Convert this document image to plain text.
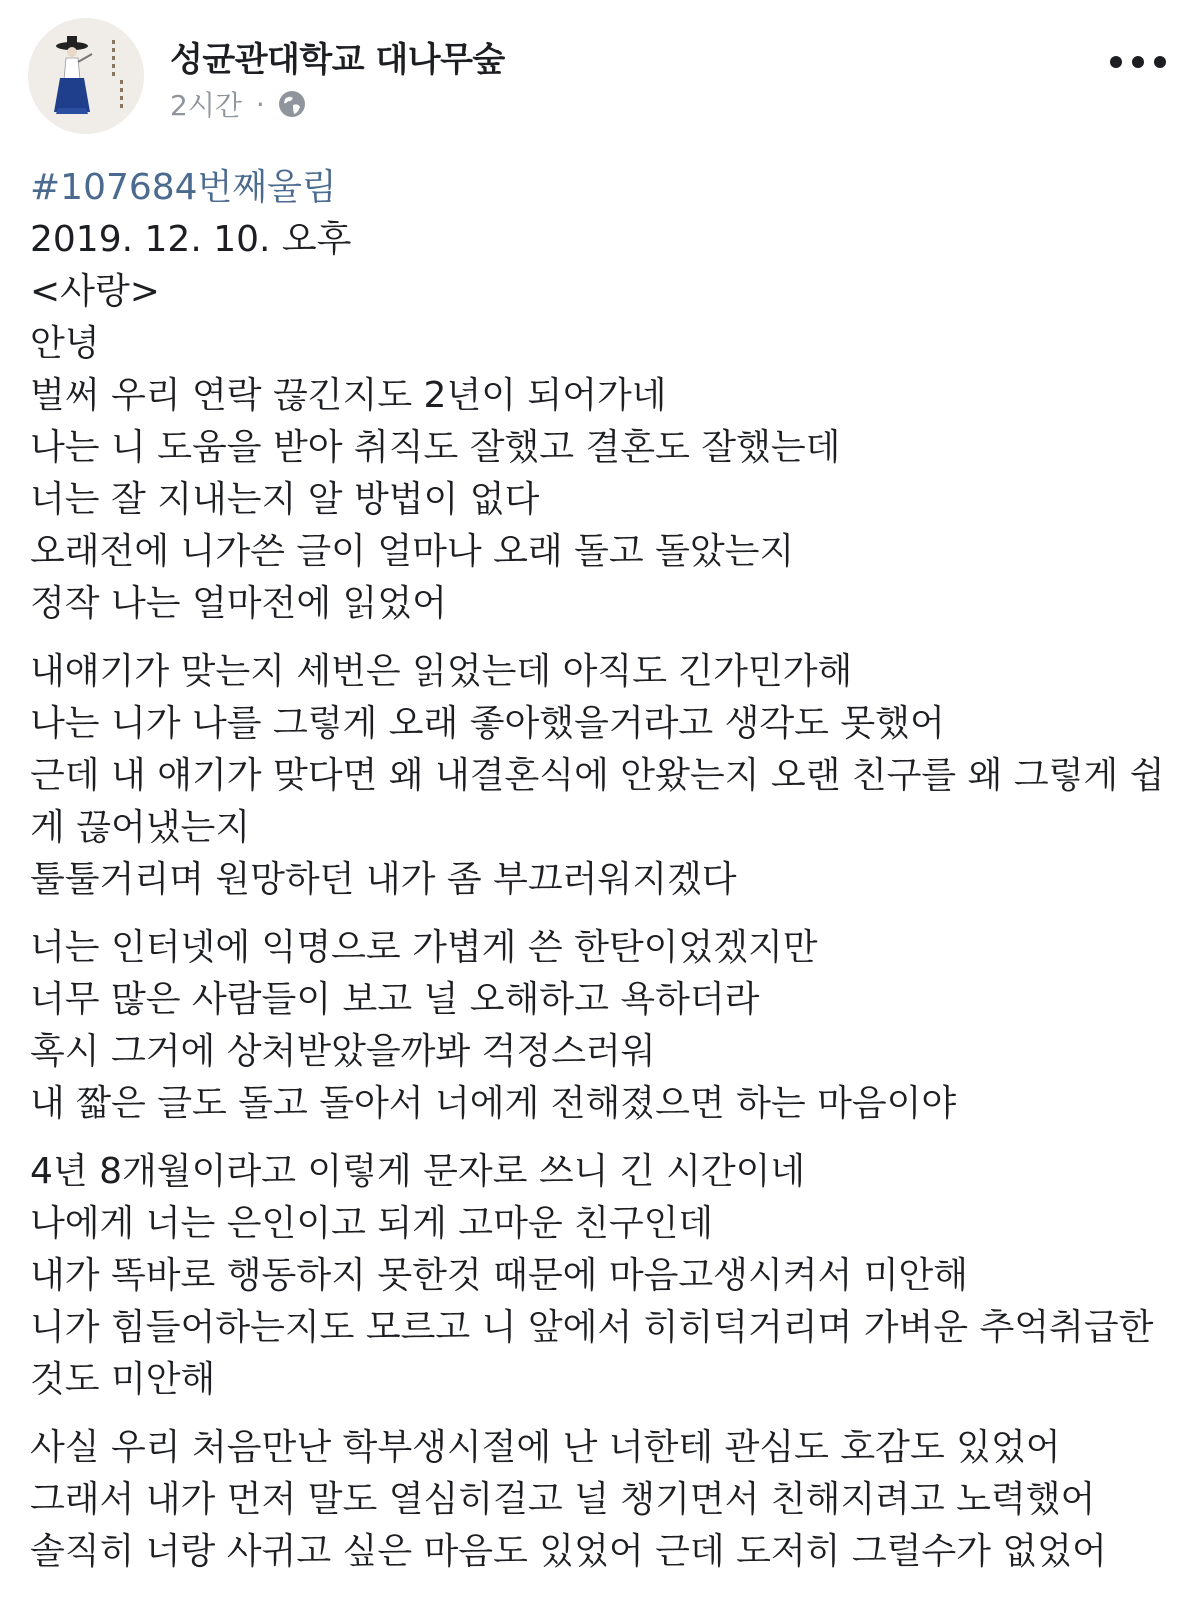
성균관대학교 대나무숲
2시간 ·
#107684번째울림
2019. 12. 10. 오후
<사랑>
안녕
벌써 우리 연락 끊긴지도 2년이 되어가네
나는 니 도움을 받아 취직도 잘했고 결혼도 잘했는데
너는 잘 지내는지 알 방법이 없다
오래전에 니가쓴 글이 얼마나 오래 돌고 돌았는지
정작 나는 얼마전에 읽었어
내얘기가 맞는지 세번은 읽었는데 아직도 긴가민가해
나는 니가 나를 그렇게 오래 좋아했을거라고 생각도 못했어
근데 내 얘기가 맞다면 왜 내결혼식에 안왔는지 오랜 친구를 왜 그렇게 쉽게 끊어냈는지
툴툴거리며 원망하던 내가 좀 부끄러워지겠다
너는 인터넷에 익명으로 가볍게 쓴 한탄이었겠지만
너무 많은 사람들이 보고 널 오해하고 욕하더라
혹시 그거에 상처받았을까봐 걱정스러워
내 짧은 글도 돌고 돌아서 너에게 전해졌으면 하는 마음이야
4년 8개월이라고 이렇게 문자로 쓰니 긴 시간이네
나에게 너는 은인이고 되게 고마운 친구인데
내가 똑바로 행동하지 못한것 때문에 마음고생시켜서 미안해
니가 힘들어하는지도 모르고 니 앞에서 히히덕거리며 가벼운 추억취급한것도 미안해
사실 우리 처음만난 학부생시절에 난 너한테 관심도 호감도 있었어
그래서 내가 먼저 말도 열심히걸고 널 챙기면서 친해지려고 노력했어
솔직히 너랑 사귀고 싶은 마음도 있었어 근데 도저히 그럴수가 없었어
